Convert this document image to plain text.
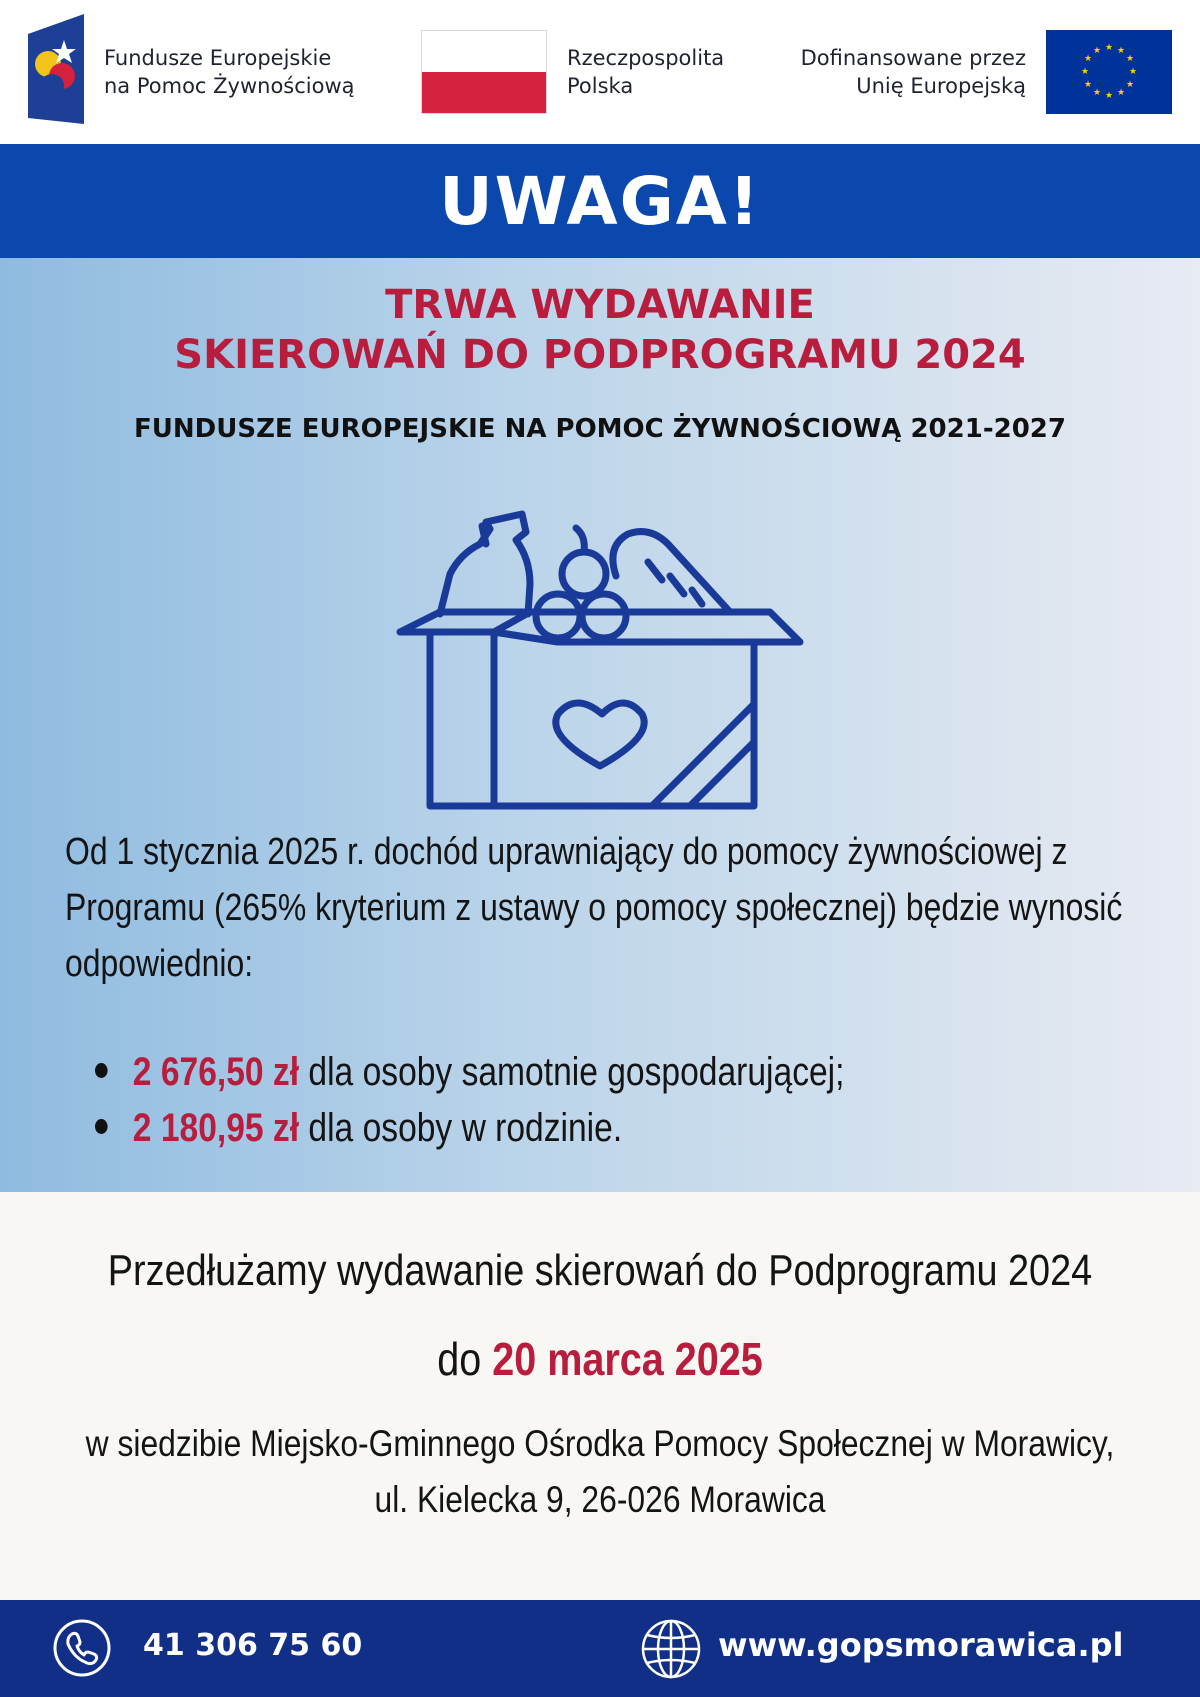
Fundusze Europejskie
na Pomoc Żywnościową
Rzeczpospolita
Polska
Dofinansowane przez
Unię Europejską
★ ★
★
★
★
★
★
★
★
★
★
★
UWAGA!
TRWA WYDAWANIE
SKIEROWAŃ DO PODPROGRAMU 2024
FUNDUSZE EUROPEJSKIE NA POMOC ŻYWNOŚCIOWĄ 2021-2027
Od 1 stycznia 2025 r. dochód uprawniający do pomocy żywnościowej z Programu (265% kryterium z ustawy o pomocy społecznej) będzie wynosić odpowiednio:
2 676,50 zł dla osoby samotnie gospodarującej;
2 180,95 zł dla osoby w rodzinie.
Przedłużamy wydawanie skierowań do Podprogramu 2024
do 20 marca 2025
w siedzibie Miejsko-Gminnego Ośrodka Pomocy Społecznej w Morawicy,
ul. Kielecka 9, 26-026 Morawica
41 306 75 60	www.gopsmorawica.pl
